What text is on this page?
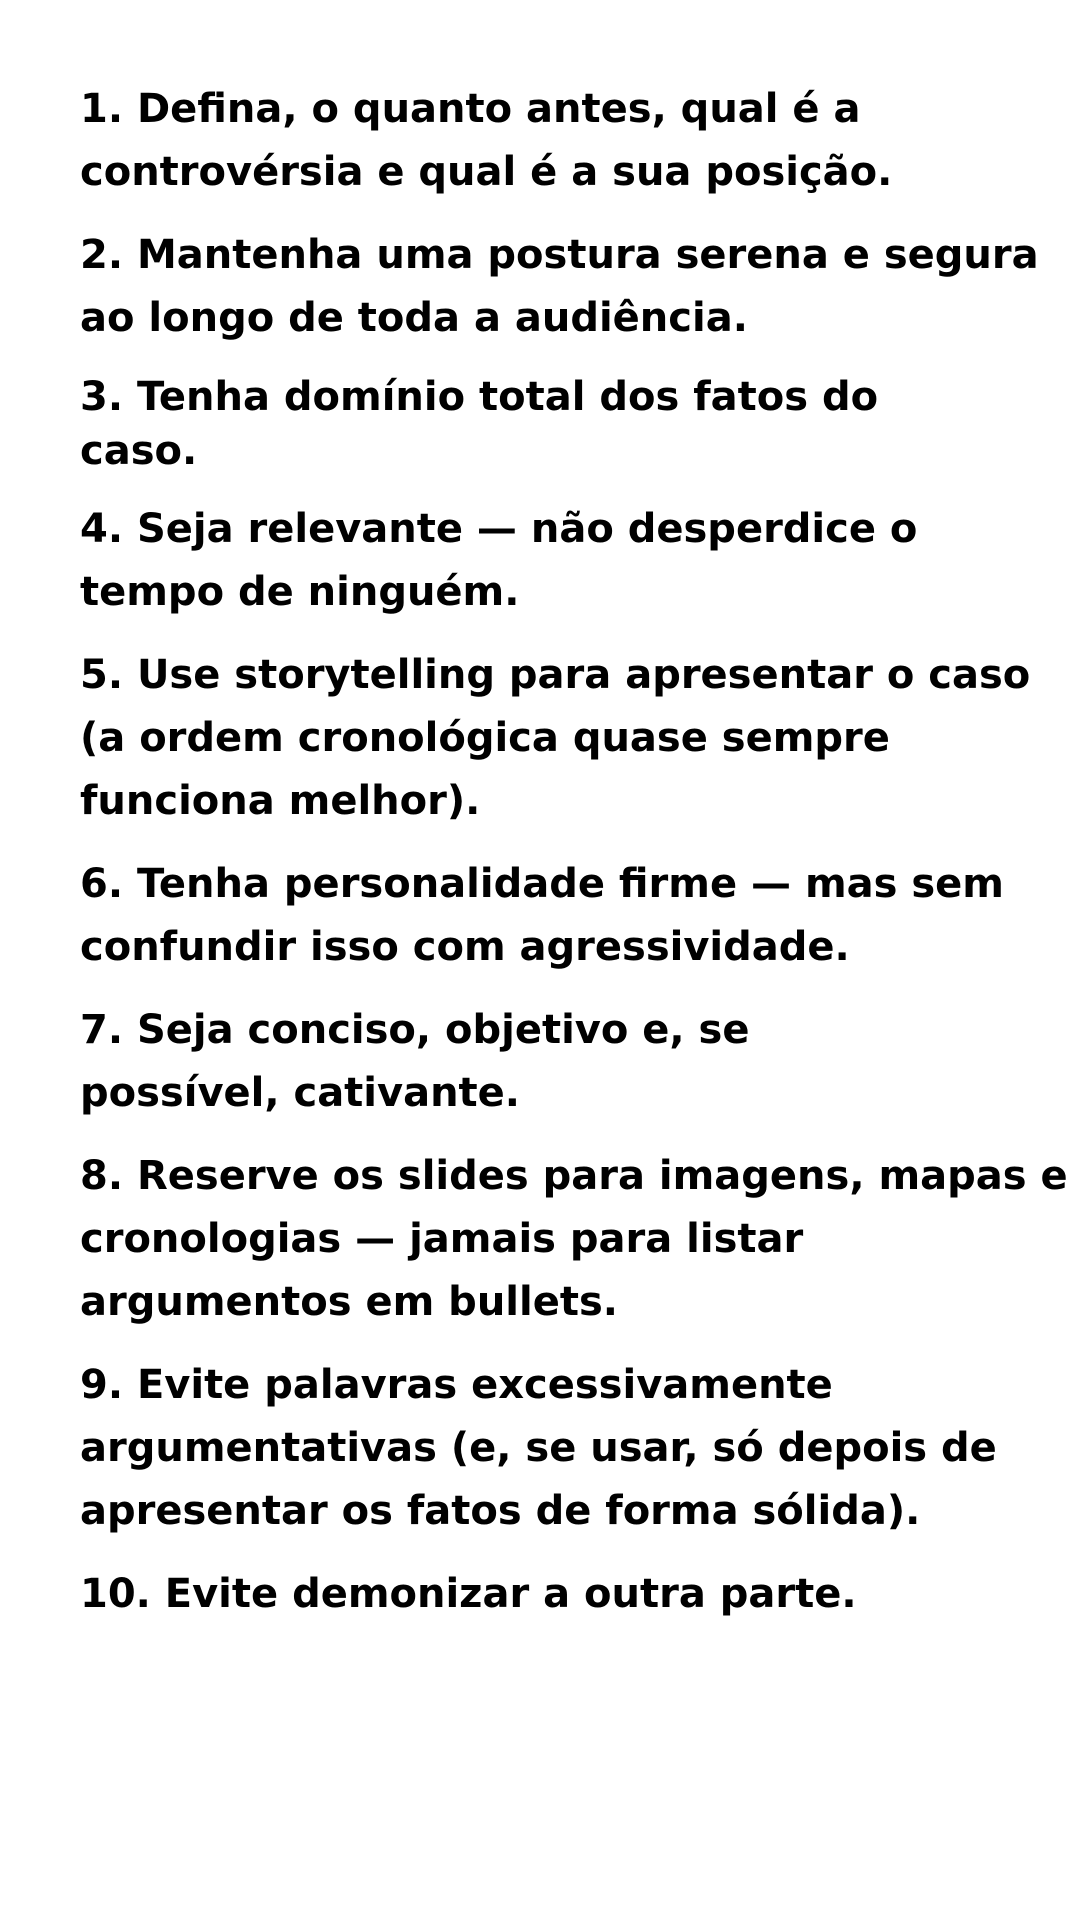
1. Defina, o quanto antes, qual é a controvérsia e qual é a sua posição.
2. Mantenha uma postura serena e segura ao longo de toda a audiência.
3. Tenha domínio total dos fatos do caso.
4. Seja relevante — não desperdice o tempo de ninguém.
5. Use storytelling para apresentar o caso (a ordem cronológica quase sempre funciona melhor).
6. Tenha personalidade firme — mas sem confundir isso com agressividade.
7. Seja conciso, objetivo e, se possível, cativante.
8. Reserve os slides para imagens, mapas e cronologias — jamais para listar argumentos em bullets.
9. Evite palavras excessivamente argumentativas (e, se usar, só depois de apresentar os fatos de forma sólida).
10. Evite demonizar a outra parte.
